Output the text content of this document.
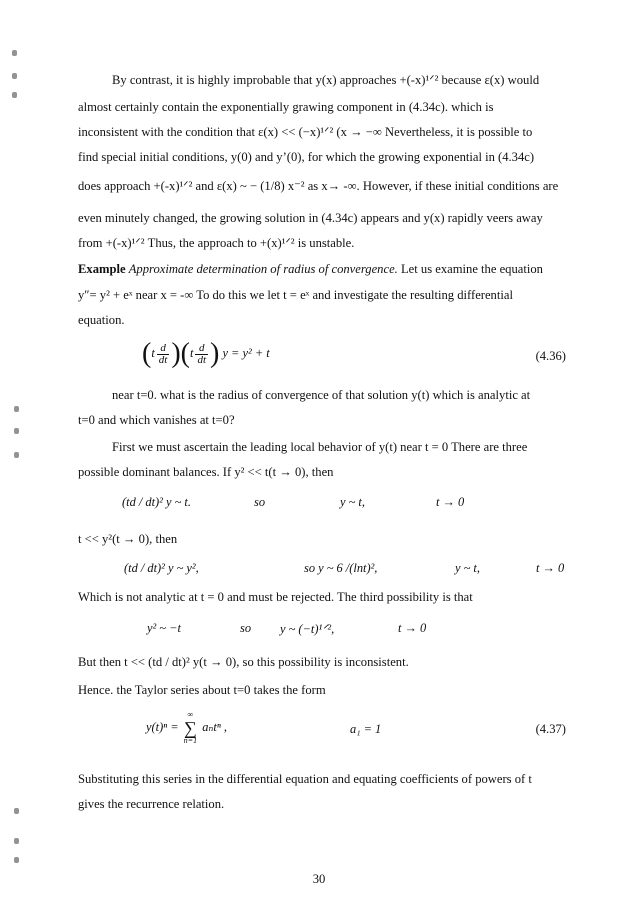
By contrast, it is highly improbable that y(x) approaches +(-x)¹ᐟ² because ε(x) would
almost certainly contain the exponentially grawing component in (4.34c). which is
inconsistent with the condition that ε(x) << (−x)¹ᐟ² (x → −∞ Nevertheless, it is possible to
find special initial conditions, y(0) and y’(0), for which the growing exponential in (4.34c)
does approach +(-x)¹ᐟ² and ε(x) ~ − (1/8) x⁻² as x→ -∞. However, if these initial conditions are
even minutely changed, the growing solution in (4.34c) appears and y(x) rapidly veers away
from +(-x)¹ᐟ² Thus, the approach to +(x)¹ᐟ² is unstable.
Example Approximate determination of radius of convergence. Let us examine the equation
y″= y² + eˣ near x = -∞ To do this we let t = eˣ and investigate the resulting differential
equation.
$(t \frac{d}{dt} )(t \frac{d}{dt}$ ) y = y² + t	(4.36)
near t=0. what is the radius of convergence of that solution y(t) which is analytic at
t=0 and which vanishes at t=0?
First we must ascertain the leading local behavior of y(t) near t = 0 There are three
possible dominant balances. If y² << t(t → 0), then
(td / dt)² y ~ t.	so	y ~ t,	t → 0
t << y²(t → 0), then
(td / dt)² y ~ y²,	so y ~ 6 /(lnt)²,	y ~ t,	t → 0
Which is not analytic at t = 0 and must be rejected. The third possibility is that
y² ~ −t	so y ~ (−t)¹ᐟ²,	t → 0
But then t << (td / dt)² y(t → 0), so this possibility is inconsistent.
Hence. the Taylor series about t=0 takes the form
y(t)ⁿ =
∞
∑
n=1
aₙtⁿ ,	a₁ = 1	(4.37)
Substituting this series in the differential equation and equating coefficients of powers of t
gives the recurrence relation.
30
